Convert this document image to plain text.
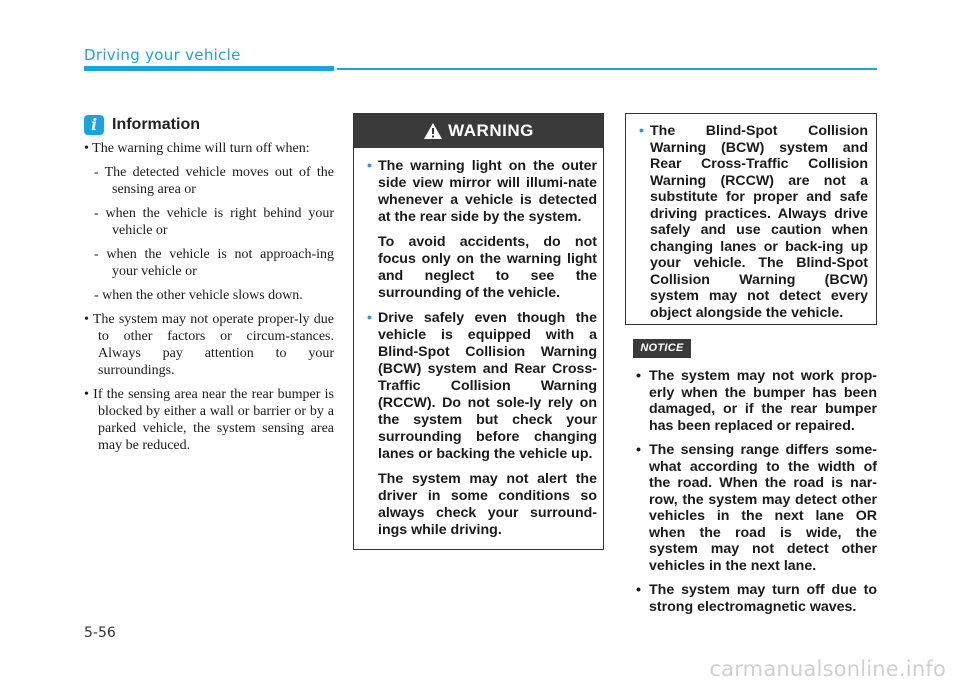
Driving your vehicle
i Information
• The warning chime will turn off when:
- The detected vehicle moves out of the sensing area or
- when the vehicle is right behind your vehicle or
- when the vehicle is not approach-ing your vehicle or
- when the other vehicle slows down.
• The system may not operate proper-ly due to other factors or circum-stances. Always pay attention to your surroundings.
• If the sensing area near the rear bumper is blocked by either a wall or barrier or by a parked vehicle, the system sensing area may be reduced.
WARNING
• The warning light on the outer side view mirror will illumi-nate whenever a vehicle is detected at the rear side by the system.
To avoid accidents, do not focus only on the warning light and neglect to see the surrounding of the vehicle.
• Drive safely even though the vehicle is equipped with a Blind-Spot Collision Warning (BCW) system and Rear Cross-Traffic Collision Warning (RCCW). Do not sole-ly rely on the system but check your surrounding before changing lanes or backing the vehicle up.
The system may not alert the driver in some conditions so always check your surround-ings while driving.
• The Blind-Spot Collision Warning (BCW) system and Rear Cross-Traffic Collision Warning (RCCW) are not a substitute for proper and safe driving practices. Always drive safely and use caution when changing lanes or back-ing up your vehicle. The Blind-Spot Collision Warning (BCW) system may not detect every object alongside the vehicle.
NOTICE
• The system may not work prop-erly when the bumper has been damaged, or if the rear bumper has been replaced or repaired.
• The sensing range differs some-what according to the width of the road. When the road is nar-row, the system may detect other vehicles in the next lane OR when the road is wide, the system may not detect other vehicles in the next lane.
• The system may turn off due to strong electromagnetic waves.
5-56
carmanualsonline.info
